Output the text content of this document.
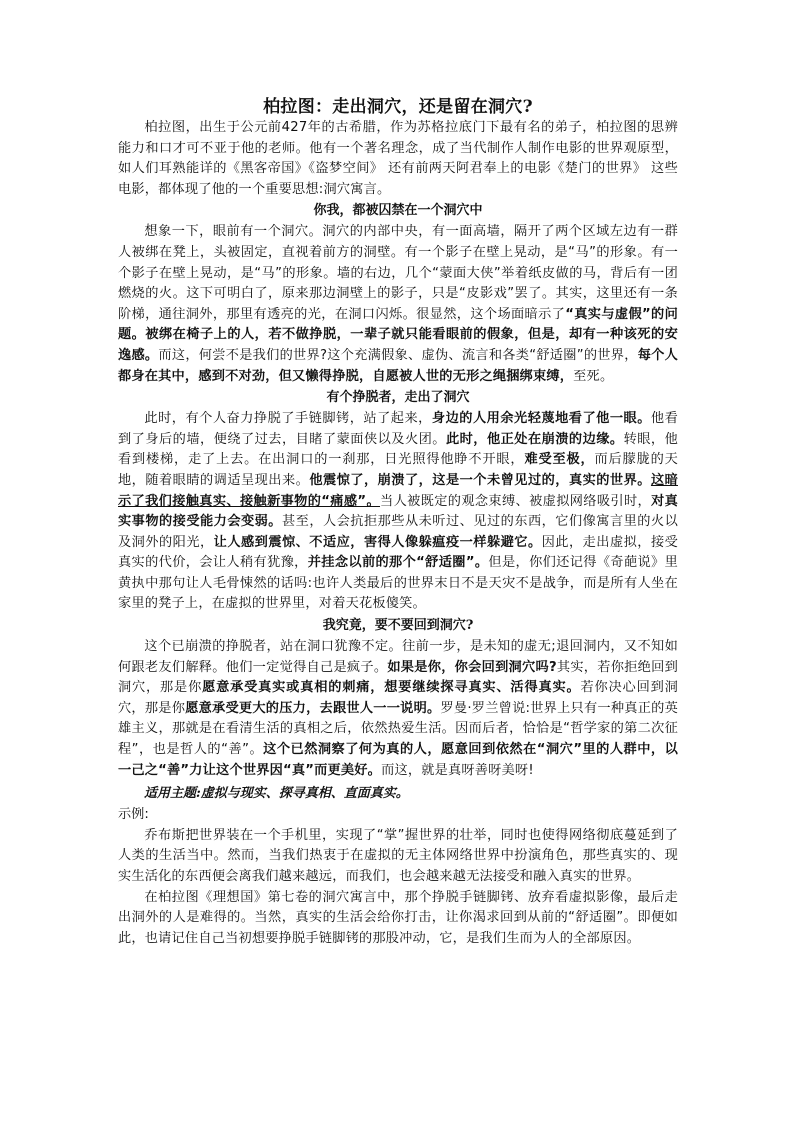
柏拉图：走出洞穴，还是留在洞穴?

柏拉图，出生于公元前427年的古希腊，作为苏格拉底门下最有名的弟子，柏拉图的思辨能力和口才可不亚于他的老师。他有一个著名理念，成了当代制作人制作电影的世界观原型，如人们耳熟能详的《黑客帝国》《盗梦空间》 还有前两天阿君奉上的电影《楚门的世界》 这些电影，都体现了他的一个重要思想:洞穴寓言。

你我，都被囚禁在一个洞穴中

想象一下，眼前有一个洞穴。洞穴的内部中央，有一面高墙，隔开了两个区域左边有一群人被绑在凳上，头被固定，直视着前方的洞壁。有一个影子在壁上晃动，是“马”的形象。有一个影子在壁上晃动，是“马”的形象。墙的右边，几个“蒙面大侠”举着纸皮做的马，背后有一团燃烧的火。这下可明白了，原来那边洞壁上的影子，只是“皮影戏”罢了。其实，这里还有一条阶梯，通往洞外，那里有透亮的光，在洞口闪烁。很显然，这个场面暗示了“真实与虚假”的问题。被绑在椅子上的人，若不做挣脱，一辈子就只能看眼前的假象，但是，却有一种该死的安逸感。而这，何尝不是我们的世界?这个充满假象、虚伪、流言和各类“舒适圈”的世界，每个人都身在其中，感到不对劲，但又懒得挣脱，自愿被人世的无形之绳捆绑束缚，至死。

有个挣脱者，走出了洞穴

此时，有个人奋力挣脱了手链脚铐，站了起来，身边的人用余光轻蔑地看了他一眼。他看到了身后的墙，便绕了过去，目睹了蒙面侠以及火团。此时，他正处在崩溃的边缘。转眼，他看到楼梯，走了上去。在出洞口的一刹那，日光照得他睁不开眼，难受至极，而后朦胧的天地，随着眼睛的调适呈现出来。他震惊了，崩溃了，这是一个未曾见过的，真实的世界。这暗示了我们接触真实、接触新事物的“痛感”。当人被既定的观念束缚、被虚拟网络吸引时，对真实事物的接受能力会变弱。甚至，人会抗拒那些从未听过、见过的东西，它们像寓言里的火以及洞外的阳光，让人感到震惊、不适应，害得人像躲瘟疫一样躲避它。因此，走出虚拟，接受真实的代价，会让人稍有犹豫，并挂念以前的那个“舒适圈”。但是，你们还记得《奇葩说》里黄执中那句让人毛骨悚然的话吗:也许人类最后的世界末日不是天灾不是战争，而是所有人坐在家里的凳子上，在虚拟的世界里，对着天花板傻笑。

我究竟，要不要回到洞穴?

这个已崩溃的挣脱者，站在洞口犹豫不定。往前一步，是未知的虚无;退回洞内，又不知如何跟老友们解释。他们一定觉得自己是疯子。如果是你，你会回到洞穴吗?其实，若你拒绝回到洞穴，那是你愿意承受真实或真相的刺痛，想要继续探寻真实、活得真实。若你决心回到洞穴，那是你愿意承受更大的压力，去跟世人一一说明。罗曼·罗兰曾说:世界上只有一种真正的英雄主义，那就是在看清生活的真相之后，依然热爱生活。因而后者，恰恰是“哲学家的第二次征程”，也是哲人的“善”。这个已然洞察了何为真的人，愿意回到依然在“洞穴”里的人群中，以一己之“善”力让这个世界因“真”而更美好。而这，就是真呀善呀美呀!

适用主题:虚拟与现实、探寻真相、直面真实。

示例:

乔布斯把世界装在一个手机里，实现了“掌”握世界的壮举，同时也使得网络彻底蔓延到了人类的生活当中。然而，当我们热衷于在虚拟的无主体网络世界中扮演角色，那些真实的、现实生活化的东西便会离我们越来越远，而我们，也会越来越无法接受和融入真实的世界。

在柏拉图《理想国》第七卷的洞穴寓言中，那个挣脱手链脚铐、放弃看虚拟影像，最后走出洞外的人是难得的。当然，真实的生活会给你打击，让你渴求回到从前的“舒适圈”。即便如此，也请记住自己当初想要挣脱手链脚铐的那股冲动，它，是我们生而为人的全部原因。
